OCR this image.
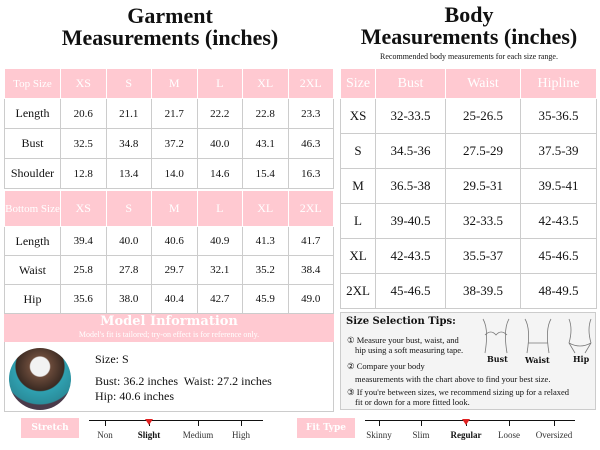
Garment
Measurements (inches)
Body
Measurements (inches)
Recommended body measurements for each size range.
Top Size	XS	S	M	L	XL	2XL
Length	20.6	21.1	21.7	22.2	22.8	23.3
Bust	32.5	34.8	37.2	40.0	43.1	46.3
Shoulder	12.8	13.4	14.0	14.6	15.4	16.3
Bottom Size	XS	S	M	L	XL	2XL
Length	39.4	40.0	40.6	40.9	41.3	41.7
Waist	25.8	27.8	29.7	32.1	35.2	38.4
Hip	35.6	38.0	40.4	42.7	45.9	49.0
Size	Bust	Waist	Hipline
XS	32-33.5	25-26.5	35-36.5
S	34.5-36	27.5-29	37.5-39
M	36.5-38	29.5-31	39.5-41
L	39-40.5	32-33.5	42-43.5
XL	42-43.5	35.5-37	45-46.5
2XL	45-46.5	38-39.5	48-49.5
Model Information
Model's fit is tailored; try-on effect is for reference only.
Size: S
Bust: 36.2 inches Waist: 27.2 inches
Hip: 40.6 inches
Stretch
Non	Slight Medium High
Fit Type
Skinny Slim Regular Loose Oversized
Size Selection Tips:
① Measure your bust, waist, and
hip using a soft measuring tape.
② Compare your body
measurements with the chart above to find your best size.
③ If you're between sizes, we recommend sizing up for a relaxed
fit or down for a more fitted look.
Bust Waist	Hip
